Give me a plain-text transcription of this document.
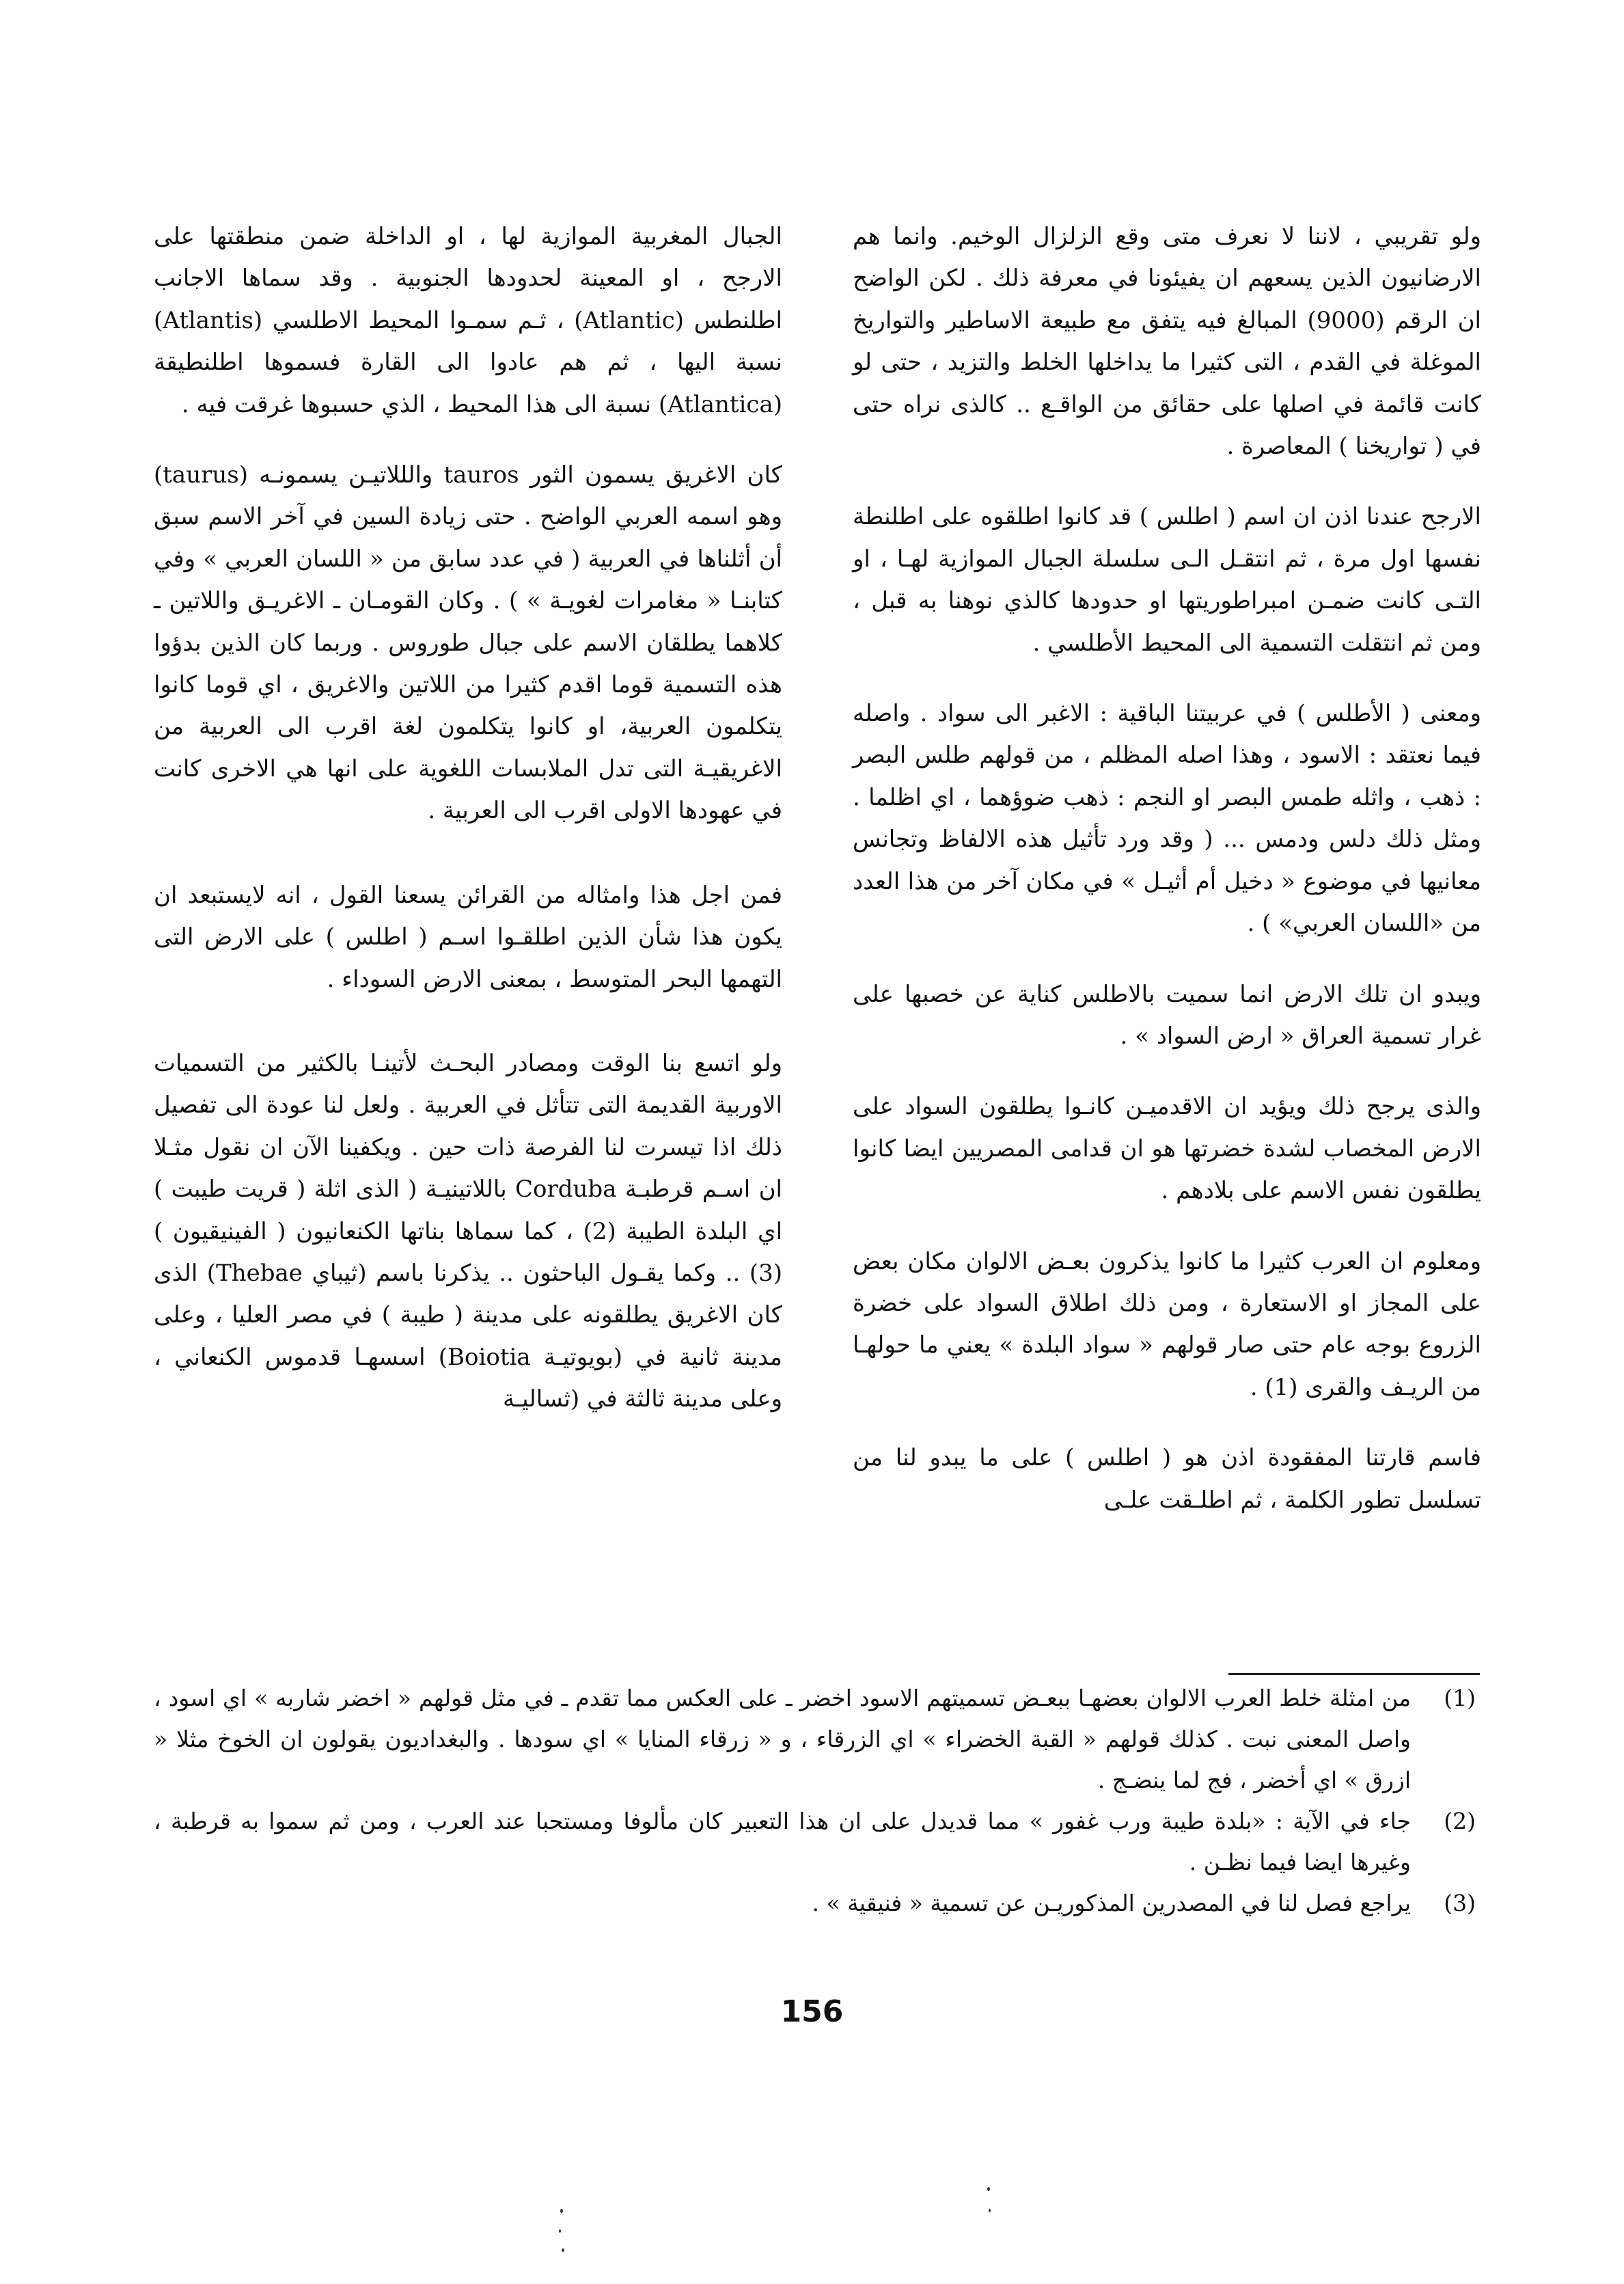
ولو تقريبي ، لاننا لا نعرف متى وقع الزلزال الوخيم. وانما هم الارضانيون الذين يسعهم ان يفيئونا في معرفة ذلك . لكن الواضح ان الرقم (9000) المبالغ فيه يتفق مع طبيعة الاساطير والتواريخ الموغلة في القدم ، التى كثيرا ما يداخلها الخلط والتزيد ، حتى لو كانت قائمة في اصلها على حقائق من الواقـع .. كالذى نراه حتى في ( تواريخنا ) المعاصرة .

الارجح عندنا اذن ان اسم ( اطلس ) قد كانوا اطلقوه على اطلنطة نفسها اول مرة ، ثم انتقـل الـى سلسلة الجبال الموازية لهـا ، او التـى كانت ضمـن امبراطوريتها او حدودها كالذي نوهنا به قبل ، ومن ثم انتقلت التسمية الى المحيط الأطلسي .

ومعنى ( الأطلس ) في عربيتنا الباقية : الاغبر الى سواد . واصله فيما نعتقد : الاسود ، وهذا اصله المظلم ، من قولهم طلس البصر : ذهب ، واثله طمس البصر او النجم : ذهب ضوؤهما ، اي اظلما . ومثل ذلك دلس ودمس ... ( وقد ورد تأثيل هذه الالفاظ وتجانس معانيها في موضوع « دخيل أم أثيـل » في مكان آخر من هذا العدد من «اللسان العربي» ) .

ويبدو ان تلك الارض انما سميت بالاطلس كناية عن خصبها على غرار تسمية العراق « ارض السواد » .

والذى يرجح ذلك ويؤيد ان الاقدميـن كانـوا يطلقون السواد على الارض المخصاب لشدة خضرتها هو ان قدامى المصريين ايضا كانوا يطلقون نفس الاسم على بلادهم .

ومعلوم ان العرب كثيرا ما كانوا يذكرون بعـض الالوان مكان بعض على المجاز او الاستعارة ، ومن ذلك اطلاق السواد على خضرة الزروع بوجه عام حتى صار قولهم « سواد البلدة » يعني ما حولهـا من الريـف والقرى (1) .

فاسم قارتنا المفقودة اذن هو ( اطلس ) على ما يبدو لنا من تسلسل تطور الكلمة ، ثم اطلـقت علـى

الجبال المغربية الموازية لها ، او الداخلة ضمن منطقتها على الارجح ، او المعينة لحدودها الجنوبية . وقد سماها الاجانب اطلنطس (Atlantic) ، ثـم سمـوا المحيط الاطلسي (Atlantis) نسبة اليها ، ثم هم عادوا الى القارة فسموها اطلنطيقة (Atlantica) نسبة الى هذا المحيط ، الذي حسبوها غرقت فيه .

كان الاغريق يسمون الثور tauros والللاتيـن يسمونـه (taurus) وهو اسمه العربي الواضح . حتى زيادة السين في آخر الاسم سبق أن أثلناها في العربية ( في عدد سابق من « اللسان العربي » وفي كتابنـا « مغامرات لغويـة » ) . وكان القومـان ـ الاغريـق واللاتين ـ كلاهما يطلقان الاسم على جبال طوروس . وربما كان الذين بدؤوا هذه التسمية قوما اقدم كثيرا من اللاتين والاغريق ، اي قوما كانوا يتكلمون العربية، او كانوا يتكلمون لغة اقرب الى العربية من الاغريقيـة التى تدل الملابسات اللغوية على انها هي الاخرى كانت في عهودها الاولى اقرب الى العربية .

فمن اجل هذا وامثاله من القرائن يسعنا القول ، انه لايستبعد ان يكون هذا شأن الذين اطلقـوا اسـم ( اطلس ) على الارض التى التهمها البحر المتوسط ، بمعنى الارض السوداء .

ولو اتسع بنا الوقت ومصادر البحـث لأتينـا بالكثير من التسميات الاوربية القديمة التى تتأثل في العربية . ولعل لنا عودة الى تفصيل ذلك اذا تيسرت لنا الفرصة ذات حين . ويكفينا الآن ان نقول مثـلا ان اسـم قرطبـة Corduba باللاتينيـة ( الذى اثلة ( قريت طيبت ) اي البلدة الطيبة (2) ، كما سماها بناتها الكنعانيون ( الفينيقيون ) (3) .. وكما يقـول الباحثون .. يذكرنا باسم (ثيباي Thebae) الذى كان الاغريق يطلقونه على مدينة ( طيبة ) في مصر العليا ، وعلى مدينة ثانية في (بويوتيـة Boiotia) اسسهـا قدموس الكنعاني ، وعلى مدينة ثالثة في (ثساليـة

(1)
من امثلة خلط العرب الالوان بعضهـا ببعـض تسميتهم الاسود اخضر ـ على العكس مما تقدم ـ في مثل قولهم « اخضر شاربه » اي اسود ، واصل المعنى نبت . كذلك قولهم « القبة الخضراء » اي الزرقاء ، و « زرقاء المنايا » اي سودها . والبغداديون يقولون ان الخوخ مثلا « ازرق » اي أخضر ، فج لما ينضـج .
(2)
جاء في الآية : «بلدة طيبة ورب غفور » مما قديدل على ان هذا التعبير كان مألوفا ومستحبا عند العرب ، ومن ثم سموا به قرطبة ، وغيرها ايضا فيما نظـن .
(3)
يراجع فصل لنا في المصدرين المذكوريـن عن تسمية « فنيقية » .
156
